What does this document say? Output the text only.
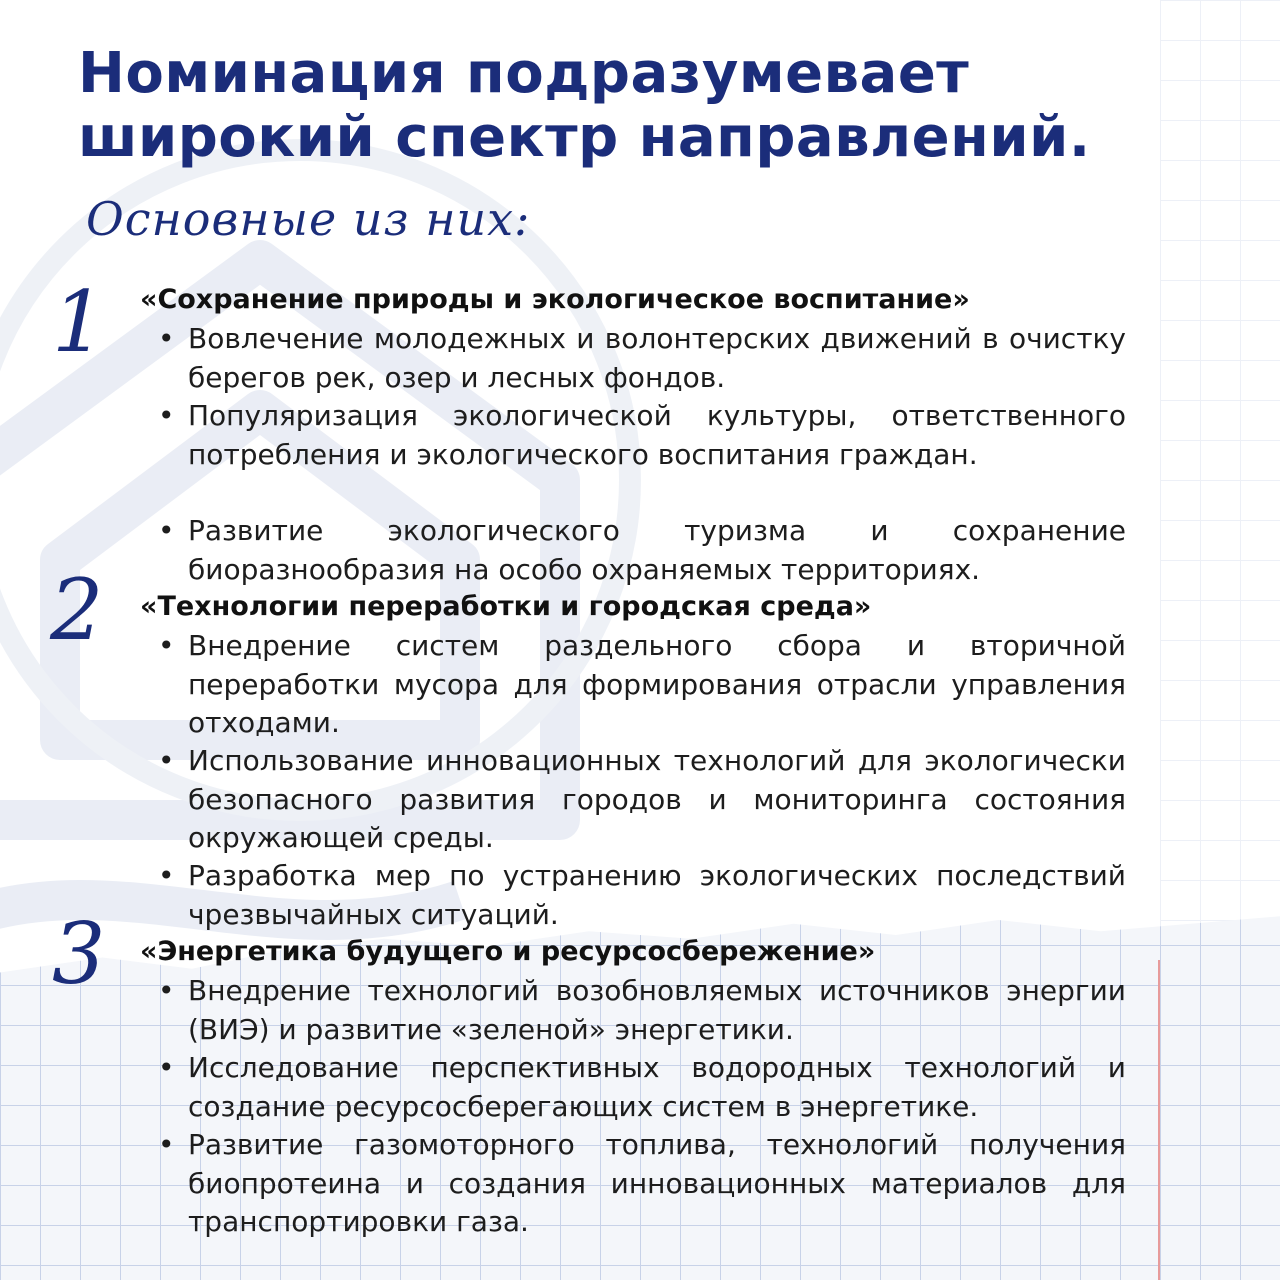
Номинация подразумевает
широкий спектр направлений.
Основные из них:
1 «Сохранение природы и экологическое воспитание»
• Вовлечение молодежных и волонтерских движений в очистку берегов рек, озер и лесных фондов.
• Популяризация экологической культуры, ответственного потребления и экологического воспитания граждан.
• Развитие экологического туризма и сохранение биоразнообразия на особо охраняемых территориях.
2 «Технологии переработки и городская среда»
• Внедрение систем раздельного сбора и вторичной переработки мусора для формирования отрасли управления отходами.
• Использование инновационных технологий для экологически безопасного развития городов и мониторинга состояния окружающей среды.
• Разработка мер по устранению экологических последствий чрезвычайных ситуаций.
3 «Энергетика будущего и ресурсосбережение»
• Внедрение технологий возобновляемых источников энергии (ВИЭ) и развитие «зеленой» энергетики.
• Исследование перспективных водородных технологий и создание ресурсосберегающих систем в энергетике.
• Развитие газомоторного топлива, технологий получения биопротеина и создания инновационных материалов для транспортировки газа.
